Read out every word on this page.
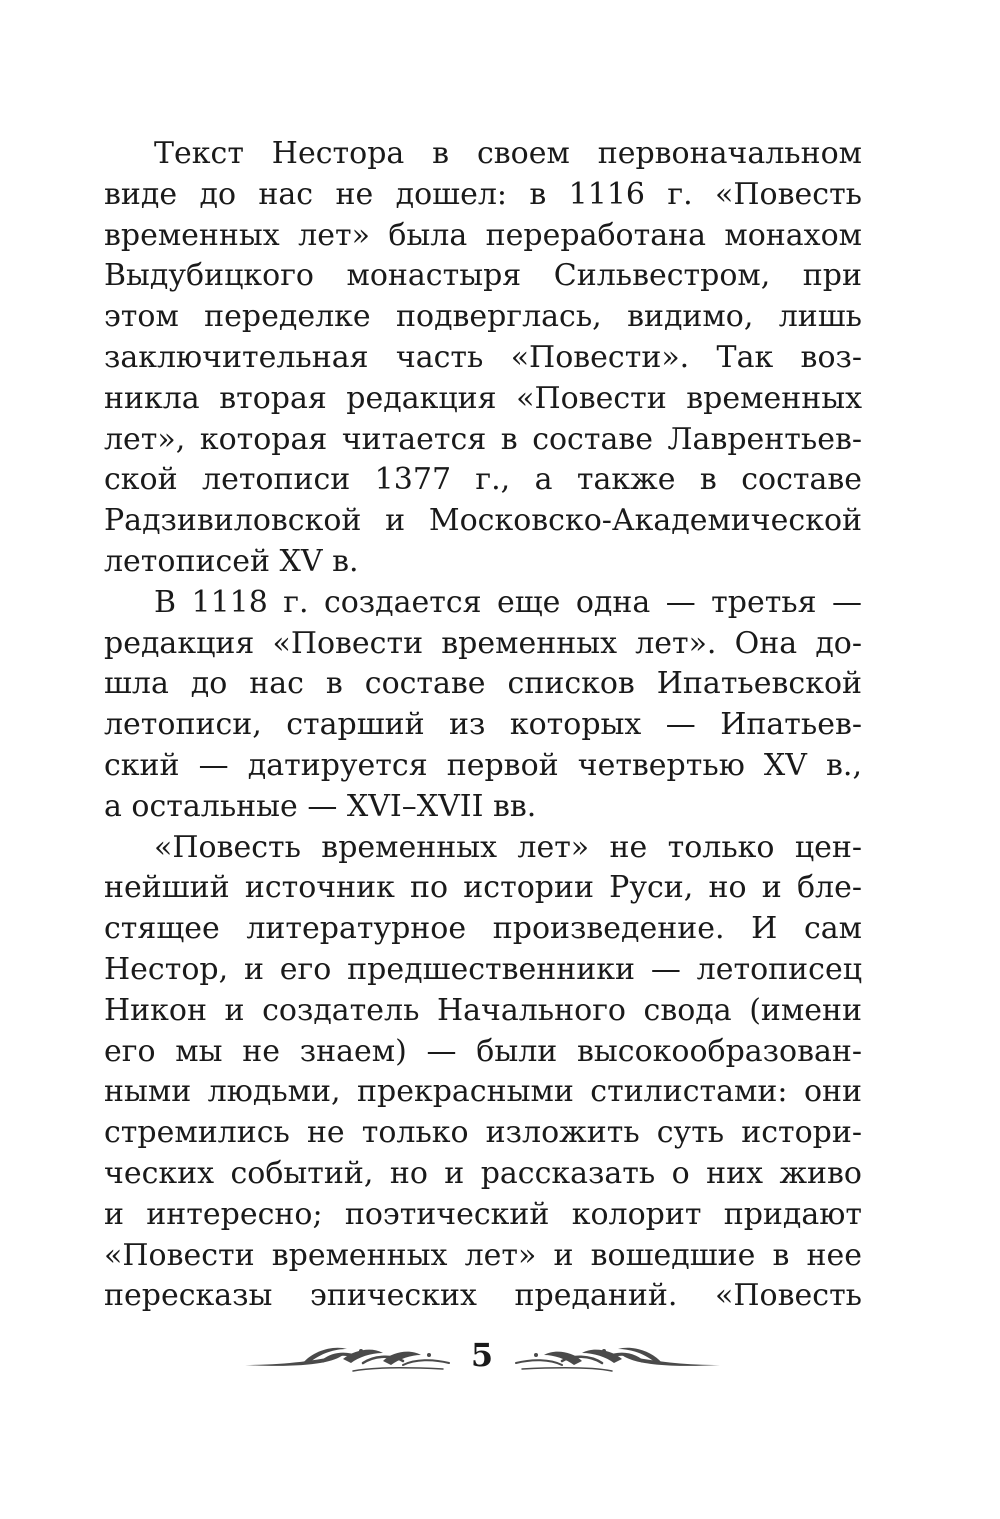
Текст Нестора в своем первоначальном
виде до нас не дошел: в 1116 г. «Повесть
временных лет» была переработана монахом
Выдубицкого монастыря Сильвестром, при
этом переделке подверглась, видимо, лишь
заключительная часть «Повести». Так воз-
никла вторая редакция «Повести временных
лет», которая читается в составе Лаврентьев-
ской летописи 1377 г., а также в составе
Радзивиловской и Московско-Академической
летописей XV в.
В 1118 г. создается еще одна — третья —
редакция «Повести временных лет». Она до-
шла до нас в составе списков Ипатьевской
летописи, старший из которых — Ипатьев-
ский — датируется первой четвертью XV в.,
а остальные — XVI–XVII вв.
«Повесть временных лет» не только цен-
нейший источник по истории Руси, но и бле-
стящее литературное произведение. И сам
Нестор, и его предшественники — летописец
Никон и создатель Начального свода (имени
его мы не знаем) — были высокообразован-
ными людьми, прекрасными стилистами: они
стремились не только изложить суть истори-
ческих событий, но и рассказать о них живо
и интересно; поэтический колорит придают
«Повести временных лет» и вошедшие в нее
пересказы эпических преданий. «Повесть
5
